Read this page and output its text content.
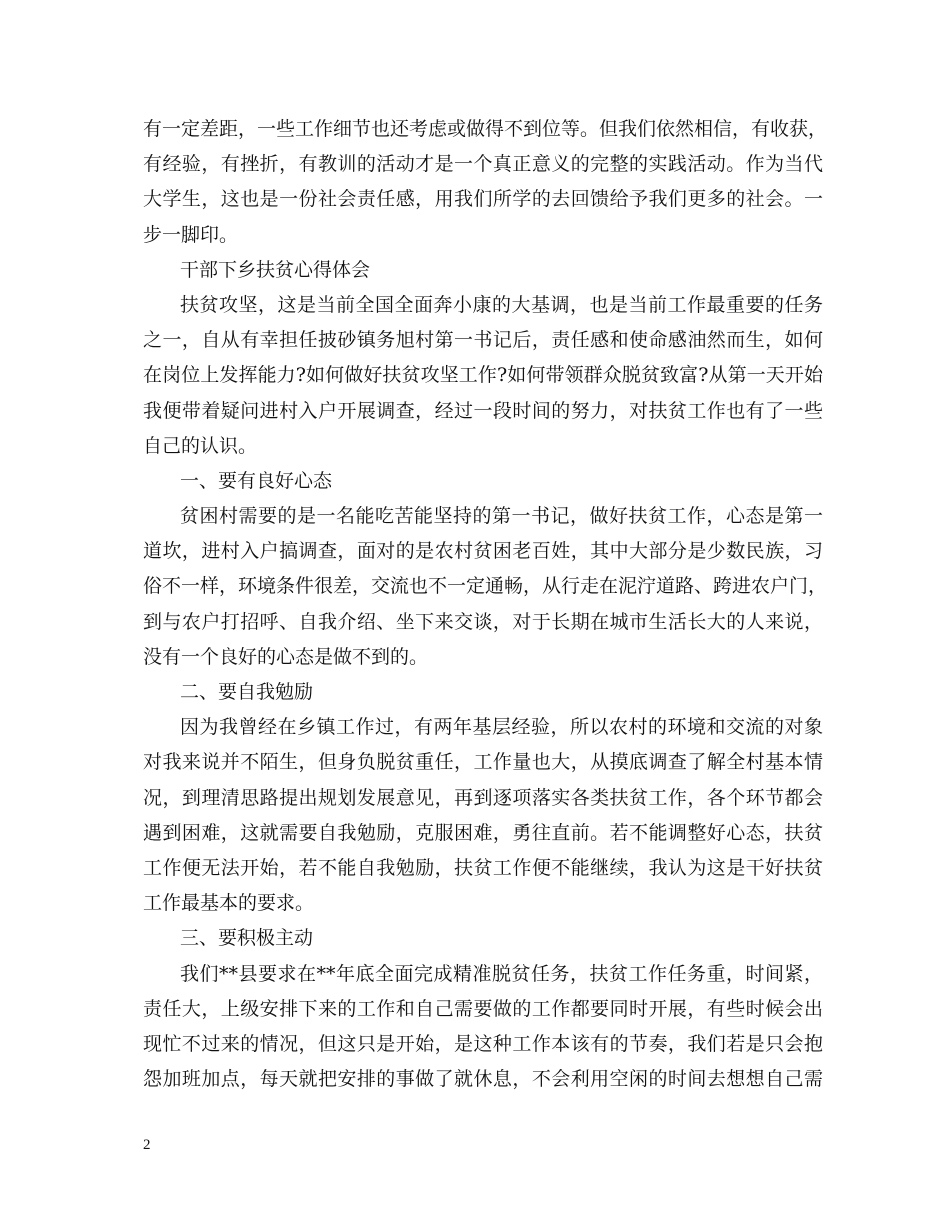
有一定差距，一些工作细节也还考虑或做得不到位等。但我们依然相信，有收获，
有经验，有挫折，有教训的活动才是一个真正意义的完整的实践活动。作为当代
大学生，这也是一份社会责任感，用我们所学的去回馈给予我们更多的社会。一
步一脚印。
干部下乡扶贫心得体会
扶贫攻坚，这是当前全国全面奔小康的大基调，也是当前工作最重要的任务
之一，自从有幸担任披砂镇务旭村第一书记后，责任感和使命感油然而生，如何
在岗位上发挥能力?如何做好扶贫攻坚工作?如何带领群众脱贫致富?从第一天开始
我便带着疑问进村入户开展调查，经过一段时间的努力，对扶贫工作也有了一些
自己的认识。
一、要有良好心态
贫困村需要的是一名能吃苦能坚持的第一书记，做好扶贫工作，心态是第一
道坎，进村入户搞调查，面对的是农村贫困老百姓，其中大部分是少数民族，习
俗不一样，环境条件很差，交流也不一定通畅，从行走在泥泞道路、跨进农户门，
到与农户打招呼、自我介绍、坐下来交谈，对于长期在城市生活长大的人来说，
没有一个良好的心态是做不到的。
二、要自我勉励
因为我曾经在乡镇工作过，有两年基层经验，所以农村的环境和交流的对象
对我来说并不陌生，但身负脱贫重任，工作量也大，从摸底调查了解全村基本情
况，到理清思路提出规划发展意见，再到逐项落实各类扶贫工作，各个环节都会
遇到困难，这就需要自我勉励，克服困难，勇往直前。若不能调整好心态，扶贫
工作便无法开始，若不能自我勉励，扶贫工作便不能继续，我认为这是干好扶贫
工作最基本的要求。
三、要积极主动
我们**县要求在**年底全面完成精准脱贫任务，扶贫工作任务重，时间紧，
责任大，上级安排下来的工作和自己需要做的工作都要同时开展，有些时候会出
现忙不过来的情况，但这只是开始，是这种工作本该有的节奏，我们若是只会抱
怨加班加点，每天就把安排的事做了就休息，不会利用空闲的时间去想想自己需
2
